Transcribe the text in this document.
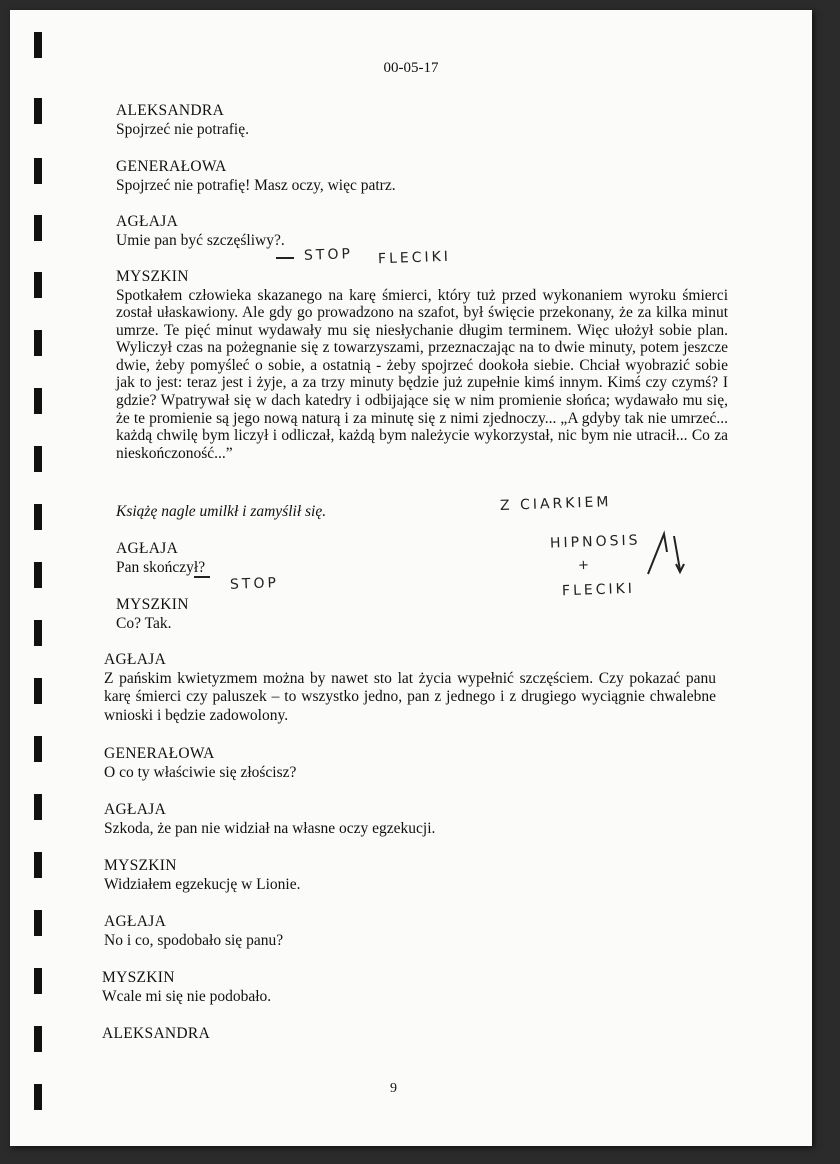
00-05-17
ALEKSANDRA
Spojrzeć nie potrafię.
GENERAŁOWA
Spojrzeć nie potrafię! Masz oczy, więc patrz.
AGŁAJA
Umie pan być szczęśliwy?.
STOP FLECIKI
MYSZKIN
Spotkałem człowieka skazanego na karę śmierci, który tuż przed wykonaniem wyroku śmierci został ułaskawiony. Ale gdy go prowadzono na szafot, był święcie przekonany, że za kilka minut umrze. Te pięć minut wydawały mu się niesłychanie długim terminem. Więc ułożył sobie plan. Wyliczył czas na pożegnanie się z towarzyszami, przeznaczając na to dwie minuty, potem jeszcze dwie, żeby pomyśleć o sobie, a ostatnią - żeby spojrzeć dookoła siebie. Chciał wyobrazić sobie jak to jest: teraz jest i żyje, a za trzy minuty będzie już zupełnie kimś innym. Kimś czy czymś? I gdzie? Wpatrywał się w dach katedry i odbijające się w nim promienie słońca; wydawało mu się, że te promienie są jego nową naturą i za minutę się z nimi zjednoczy... „A gdyby tak nie umrzeć... każdą chwilę bym liczył i odliczał, każdą bym należycie wykorzystał, nic bym nie utracił... Co za nieskończoność...”
Książę nagle umilkł i zamyślił się.	Z CIARKIEM
HIPNOSIS
+
FLECIKI
AGŁAJA
Pan skończył?
STOP
MYSZKIN
Co? Tak.
AGŁAJA
Z pańskim kwietyzmem można by nawet sto lat życia wypełnić szczęściem. Czy pokazać panu karę śmierci czy paluszek – to wszystko jedno, pan z jednego i z drugiego wyciągnie chwalebne wnioski i będzie zadowolony.
GENERAŁOWA
O co ty właściwie się złościsz?
AGŁAJA
Szkoda, że pan nie widział na własne oczy egzekucji.
MYSZKIN
Widziałem egzekucję w Lionie.
AGŁAJA
No i co, spodobało się panu?
MYSZKIN
Wcale mi się nie podobało.
ALEKSANDRA
9
